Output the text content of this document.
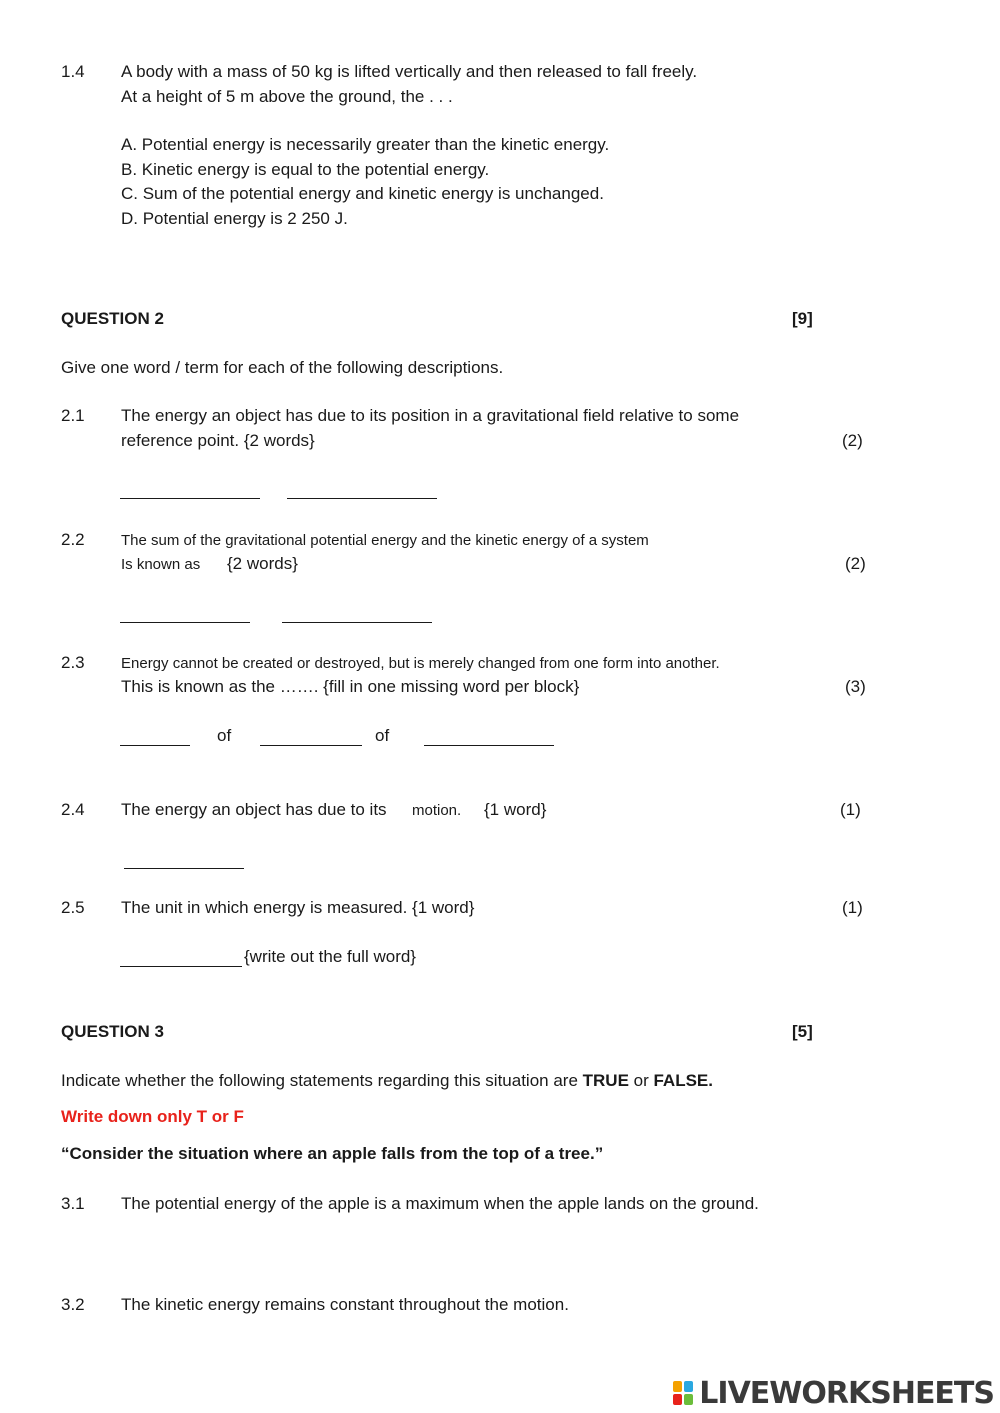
1.4 A body with a mass of 50 kg is lifted vertically and then released to fall freely.
At a height of 5 m above the ground, the . . .
A. Potential energy is necessarily greater than the kinetic energy.
B. Kinetic energy is equal to the potential energy.
C. Sum of the potential energy and kinetic energy is unchanged.
D. Potential energy is 2 250 J.
QUESTION 2	[9]
Give one word / term for each of the following descriptions.
2.1 The energy an object has due to its position in a gravitational field relative to some
reference point. {2 words}	(2)
2.2 The sum of the gravitational potential energy and the kinetic energy of a system
Is known as {2 words}	(2)
2.3 Energy cannot be created or destroyed, but is merely changed from one form into another.
This is known as the ……. {fill in one missing word per block}	(3)
of	of
2.4 The energy an object has due to its motion. {1 word}	(1)
2.5 The unit in which energy is measured. {1 word}	(1)
{write out the full word}
QUESTION 3	[5]
Indicate whether the following statements regarding this situation are TRUE or FALSE.
Write down only T or F
“Consider the situation where an apple falls from the top of a tree.”
3.1 The potential energy of the apple is a maximum when the apple lands on the ground.
3.2 The kinetic energy remains constant throughout the motion.
LIVEWORKSHEETS
